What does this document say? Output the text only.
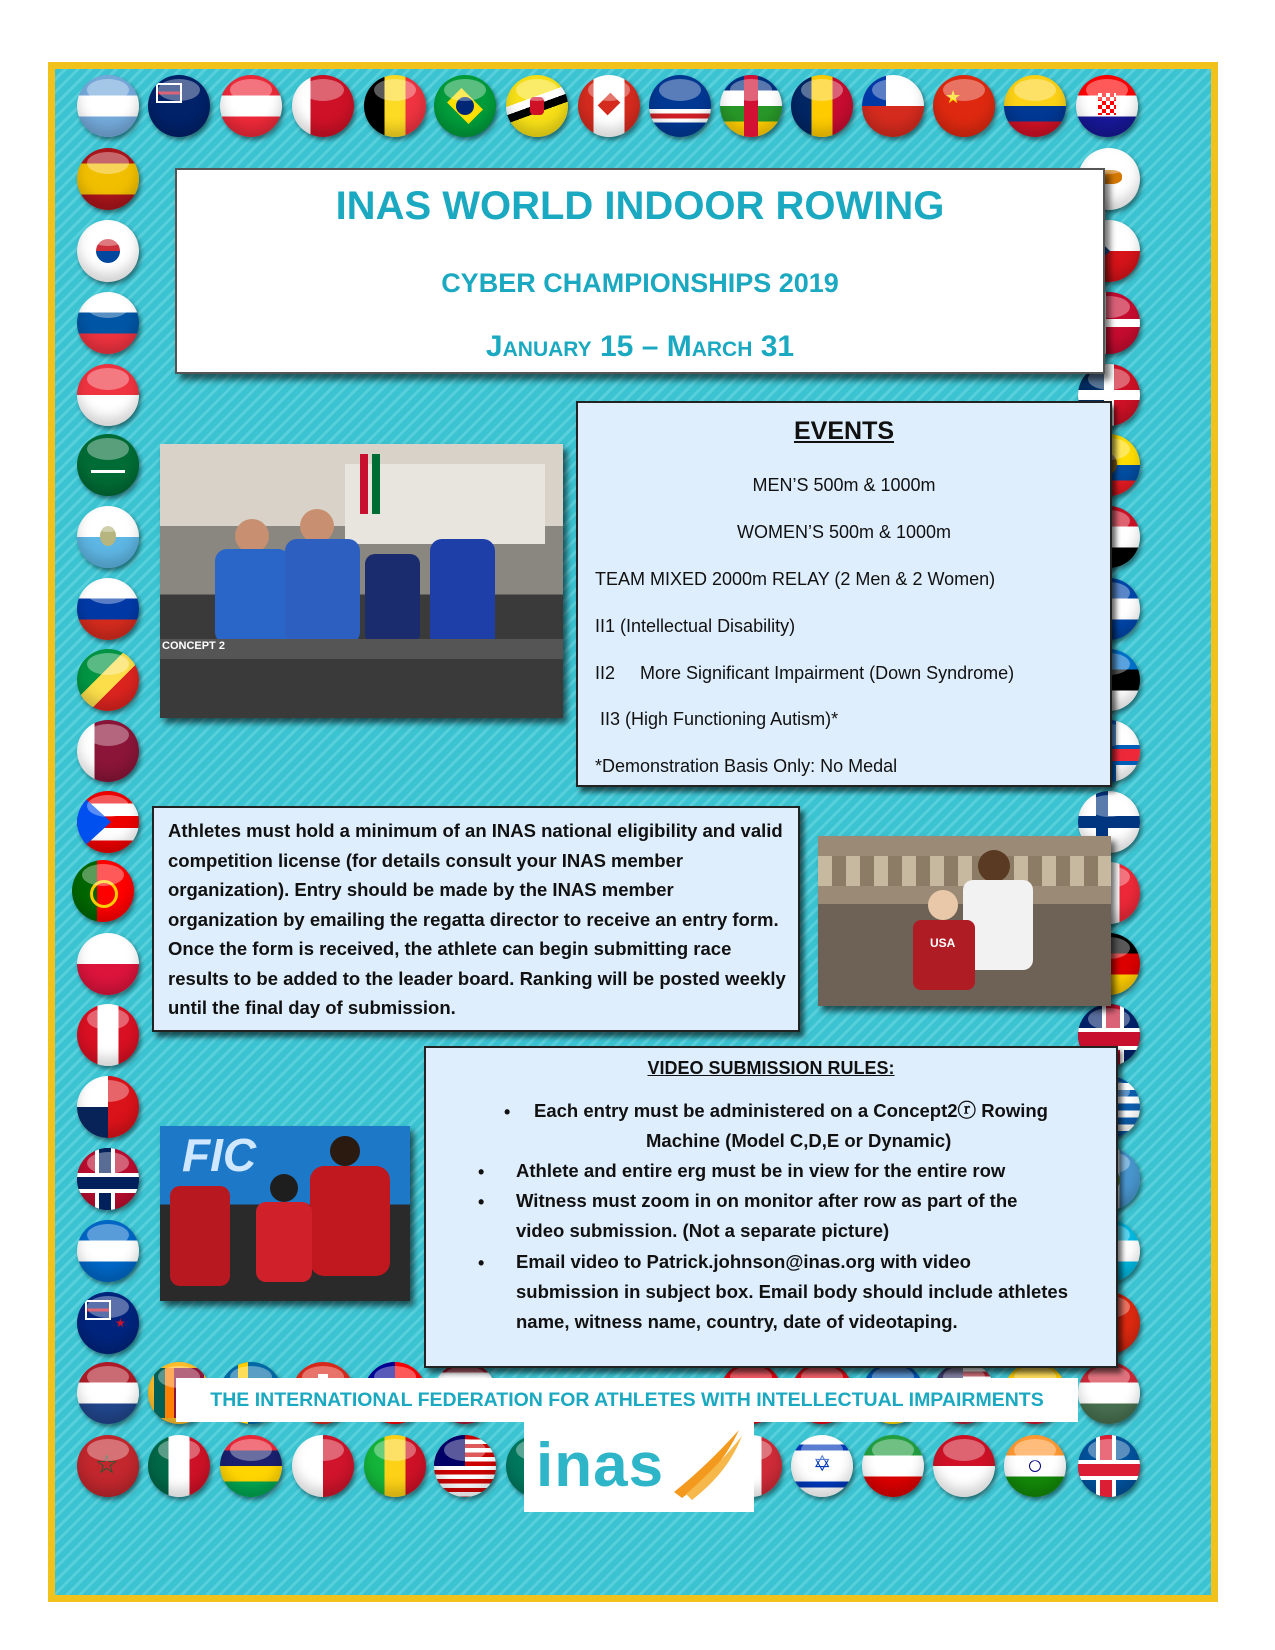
★
★
☆	✡
INAS WORLD INDOOR ROWING
CYBER CHAMPIONSHIPS 2019
January 15 – March 31
CONCEPT 2
EVENTS
MEN’S 500m & 1000m
WOMEN’S 500m & 1000m
TEAM MIXED 2000m RELAY (2 Men & 2 Women)
II1 (Intellectual Disability)
II2     More Significant Impairment (Down Syndrome)
II3 (High Functioning Autism)*
*Demonstration Basis Only: No Medal
Athletes must hold a minimum of an INAS national eligibility and valid competition license (for details consult your INAS member organization). Entry should be made by the INAS member organization by emailing the regatta director to receive an entry form. Once the form is received, the athlete can begin submitting race results to be added to the leader board. Ranking will be posted weekly until the final day of submission.
USA
FIC
VIDEO SUBMISSION RULES:
• Each entry must be administered on a Concept2ⓡ Rowing
Machine (Model C,D,E or Dynamic)
• Athlete and entire erg must be in view for the entire row
• Witness must zoom in on monitor after row as part of the
video submission. (Not a separate picture)
• Email video to Patrick.johnson@inas.org with video
submission in subject box. Email body should include athletes
name, witness name, country, date of videotaping.
THE INTERNATIONAL FEDERATION FOR ATHLETES WITH INTELLECTUAL IMPAIRMENTS
inas
